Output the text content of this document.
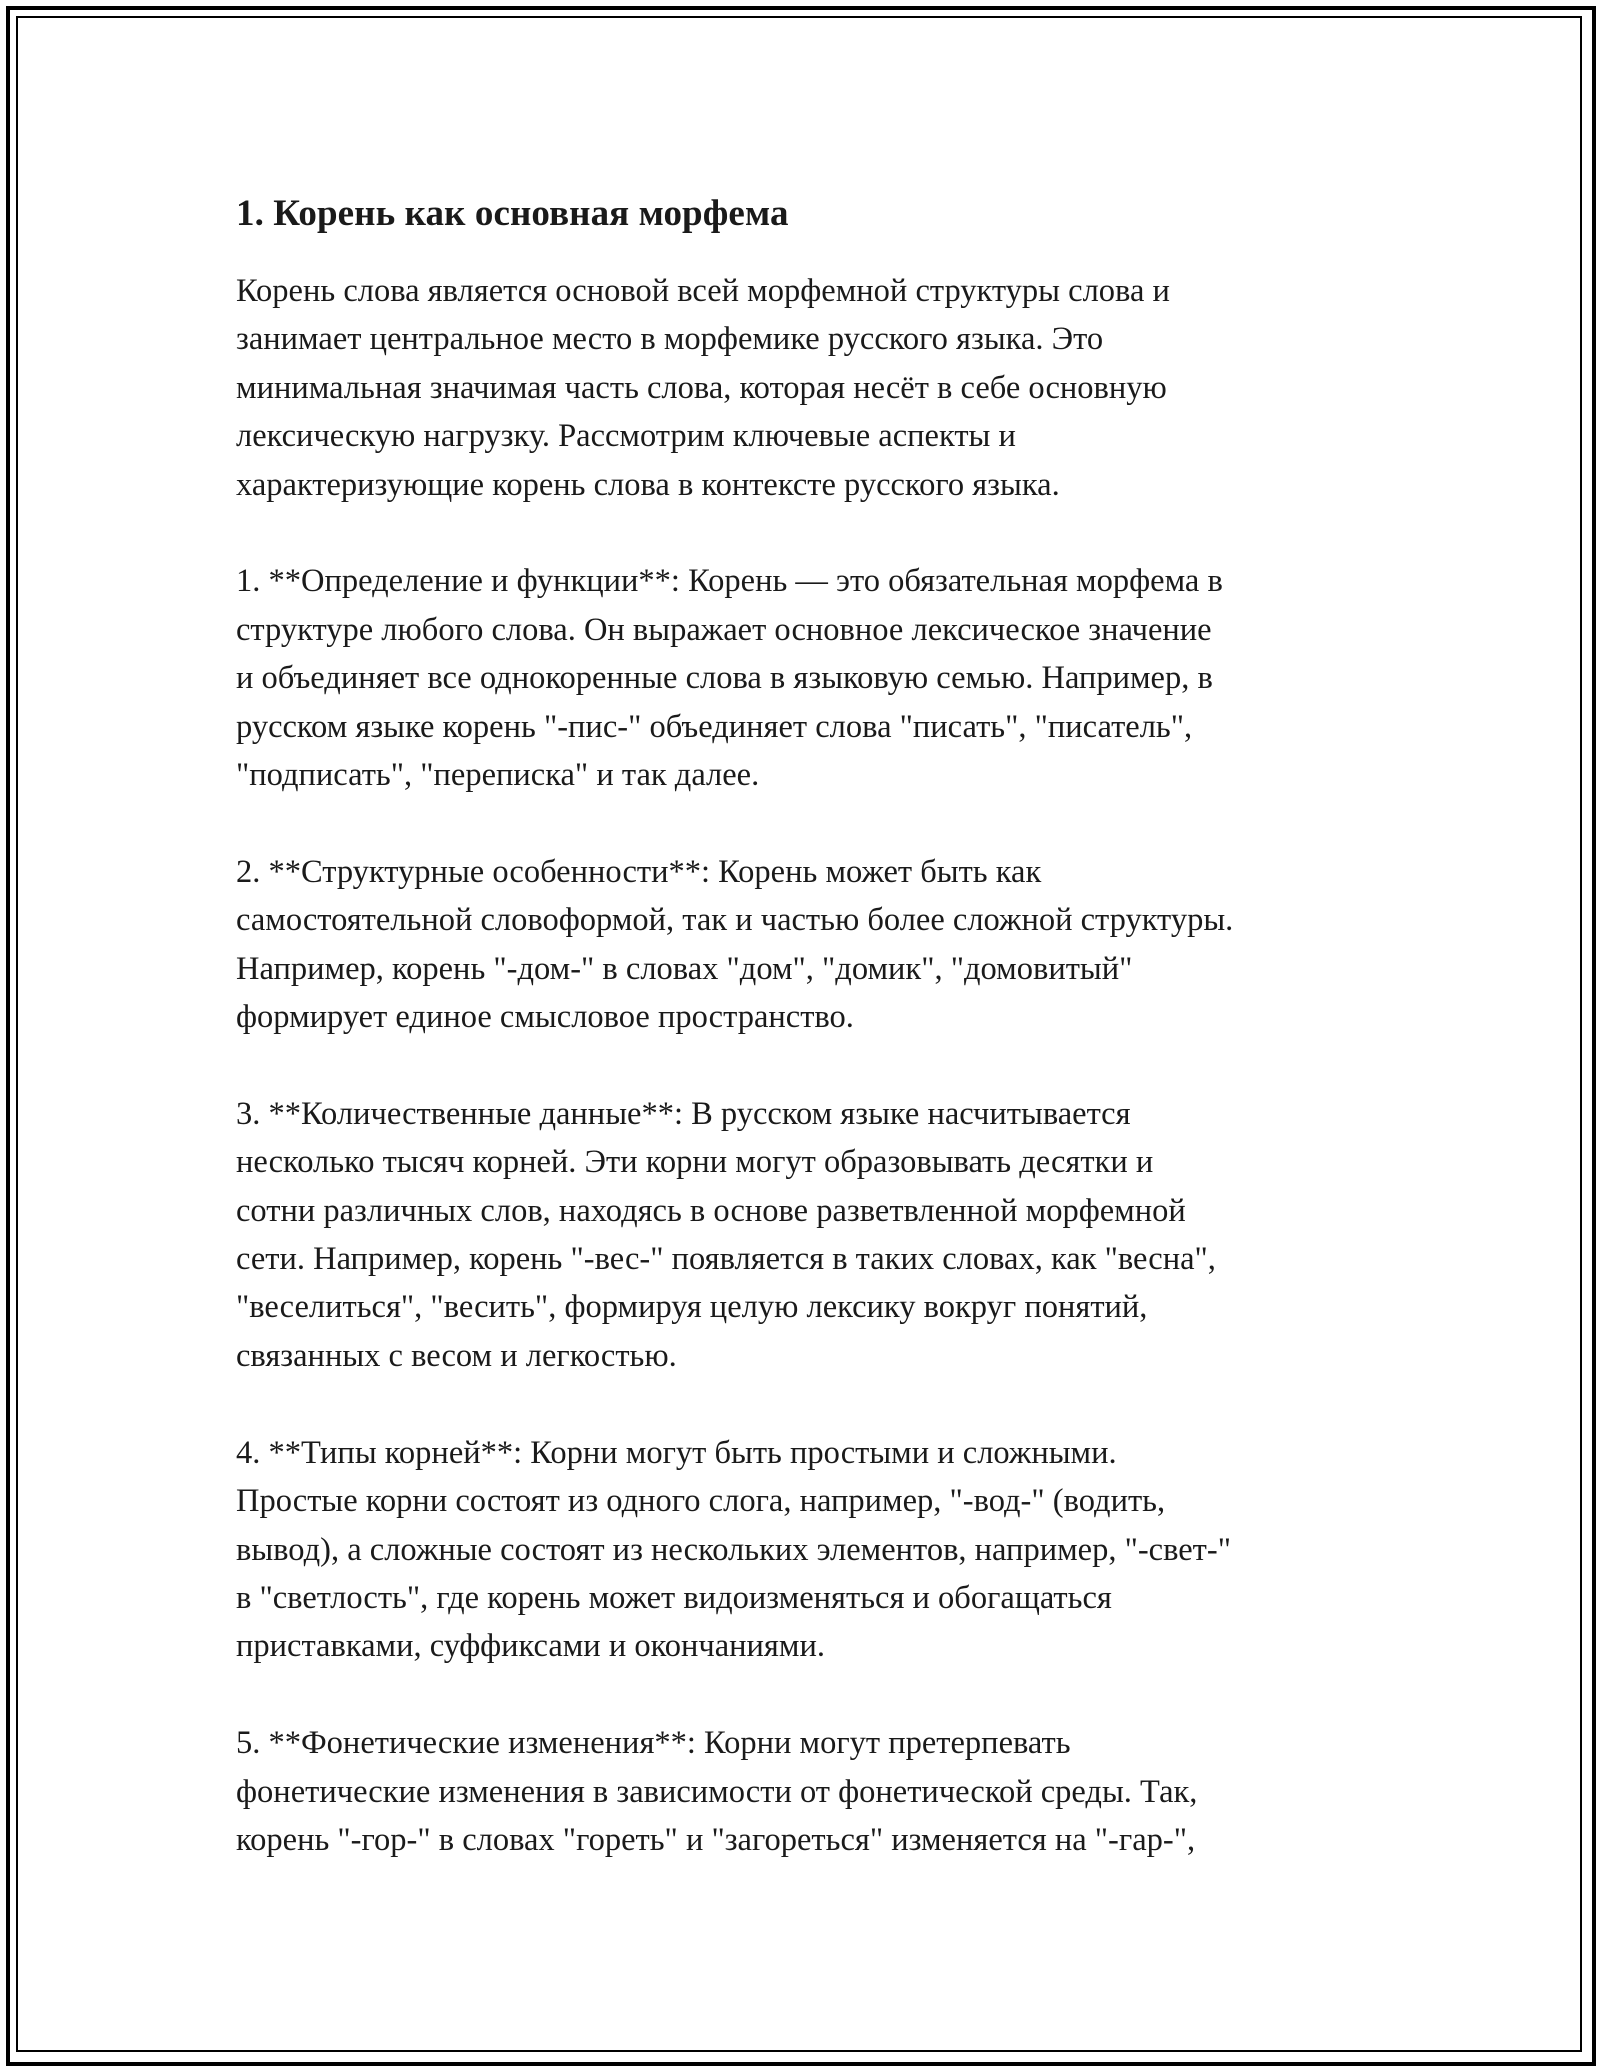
1. Корень как основная морфема
Корень слова является основой всей морфемной структуры слова и
занимает центральное место в морфемике русского языка. Это
минимальная значимая часть слова, которая несёт в себе основную
лексическую нагрузку. Рассмотрим ключевые аспекты и
характеризующие корень слова в контексте русского языка.
1. **Определение и функции**: Корень — это обязательная морфема в
структуре любого слова. Он выражает основное лексическое значение
и объединяет все однокоренные слова в языковую семью. Например, в
русском языке корень "-пис-" объединяет слова "писать", "писатель",
"подписать", "переписка" и так далее.
2. **Структурные особенности**: Корень может быть как
самостоятельной словоформой, так и частью более сложной структуры.
Например, корень "-дом-" в словах "дом", "домик", "домовитый"
формирует единое смысловое пространство.
3. **Количественные данные**: В русском языке насчитывается
несколько тысяч корней. Эти корни могут образовывать десятки и
сотни различных слов, находясь в основе разветвленной морфемной
сети. Например, корень "-вес-" появляется в таких словах, как "весна",
"веселиться", "весить", формируя целую лексику вокруг понятий,
связанных с весом и легкостью.
4. **Типы корней**: Корни могут быть простыми и сложными.
Простые корни состоят из одного слога, например, "-вод-" (водить,
вывод), а сложные состоят из нескольких элементов, например, "-свет-"
в "светлость", где корень может видоизменяться и обогащаться
приставками, суффиксами и окончаниями.
5. **Фонетические изменения**: Корни могут претерпевать
фонетические изменения в зависимости от фонетической среды. Так,
корень "-гор-" в словах "гореть" и "загореться" изменяется на "-гар-",
